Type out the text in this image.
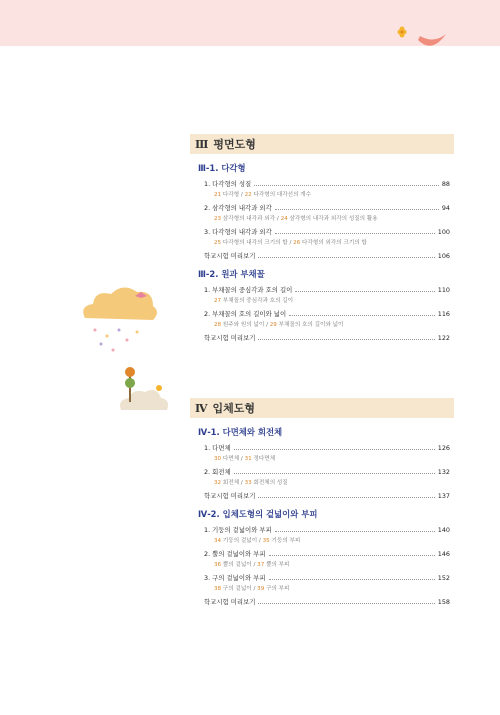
Ⅲ 평면도형
Ⅲ-1. 다각형
1. 다각형의 성질	88
21 다각형 / 22 다각형의 대각선의 개수
2. 삼각형의 내각과 외각	94
23 삼각형의 내각과 외각 / 24 삼각형의 내각과 외각의 성질의 활용
3. 다각형의 내각과 외각	100
25 다각형의 내각의 크기의 합 / 26 다각형의 외각의 크기의 합
학교시험 미리보기	106
Ⅲ-2. 원과 부채꼴
1. 부채꼴의 중심각과 호의 길이	110
27 부채꼴의 중심각과 호의 길이
2. 부채꼴의 호의 길이와 넓이	116
28 원주와 원의 넓이 / 29 부채꼴의 호의 길이와 넓이
학교시험 미리보기	122
Ⅳ 입체도형
Ⅳ-1. 다면체와 회전체
1. 다면체	126
30 다면체 / 31 정다면체
2. 회전체	132
32 회전체 / 33 회전체의 성질
학교시험 미리보기	137
Ⅳ-2. 입체도형의 겉넓이와 부피
1. 기둥의 겉넓이와 부피	140
34 기둥의 겉넓이 / 35 기둥의 부피
2. 뿔의 겉넓이와 부피	146
36 뿔의 겉넓이 / 37 뿔의 부피
3. 구의 겉넓이와 부피	152
38 구의 겉넓이 / 39 구의 부피
학교시험 미리보기	158
